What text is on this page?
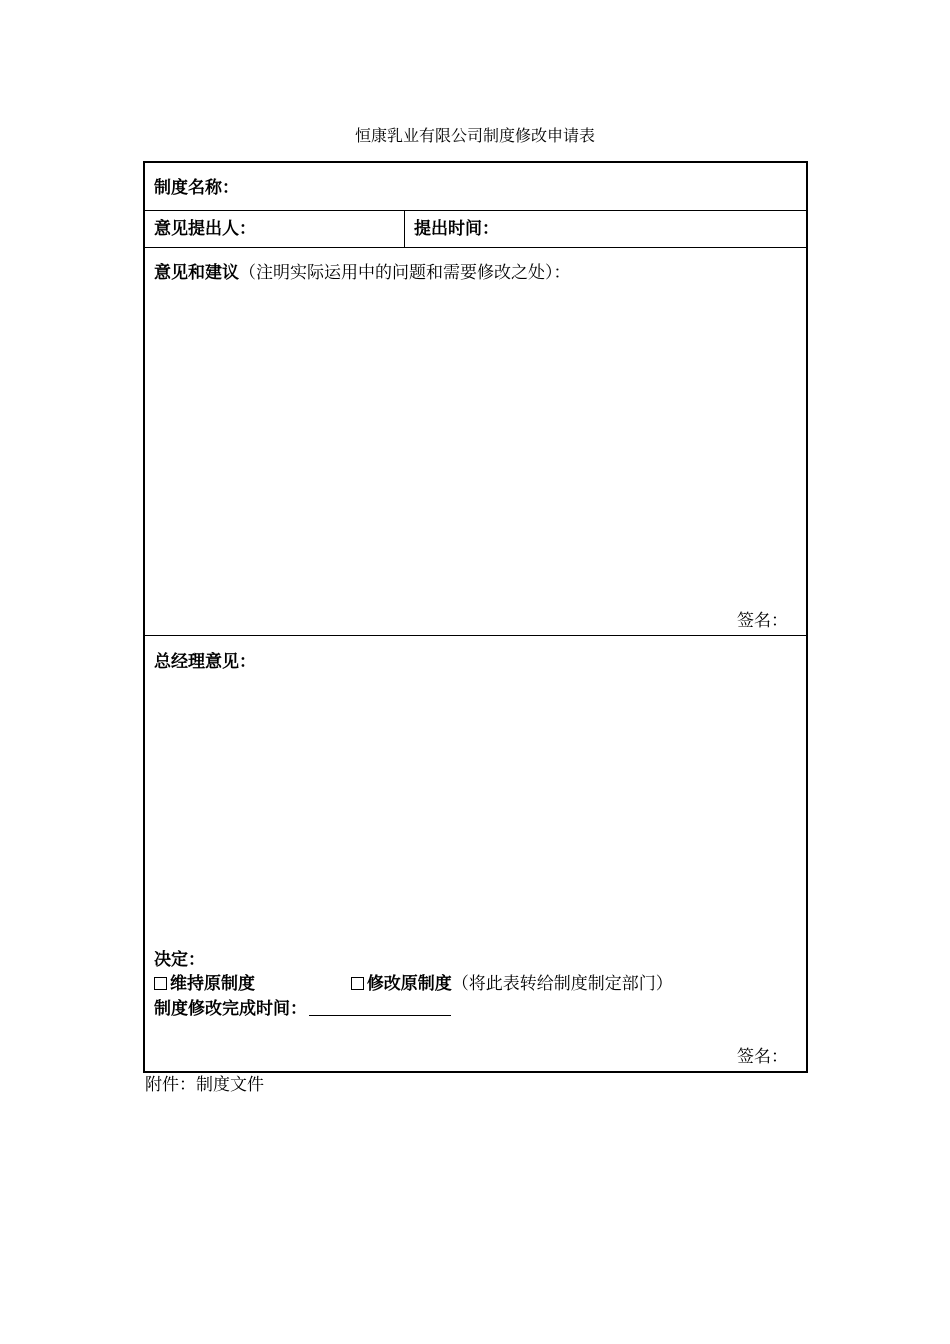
恒康乳业有限公司制度修改申请表
制度名称：
意见提出人：	提出时间：
意见和建议（注明实际运用中的问题和需要修改之处）：
签名：
总经理意见：
决定：
维持原制度	修改原制度（将此表转给制度制定部门）
制度修改完成时间：
签名：
附件：制度文件
